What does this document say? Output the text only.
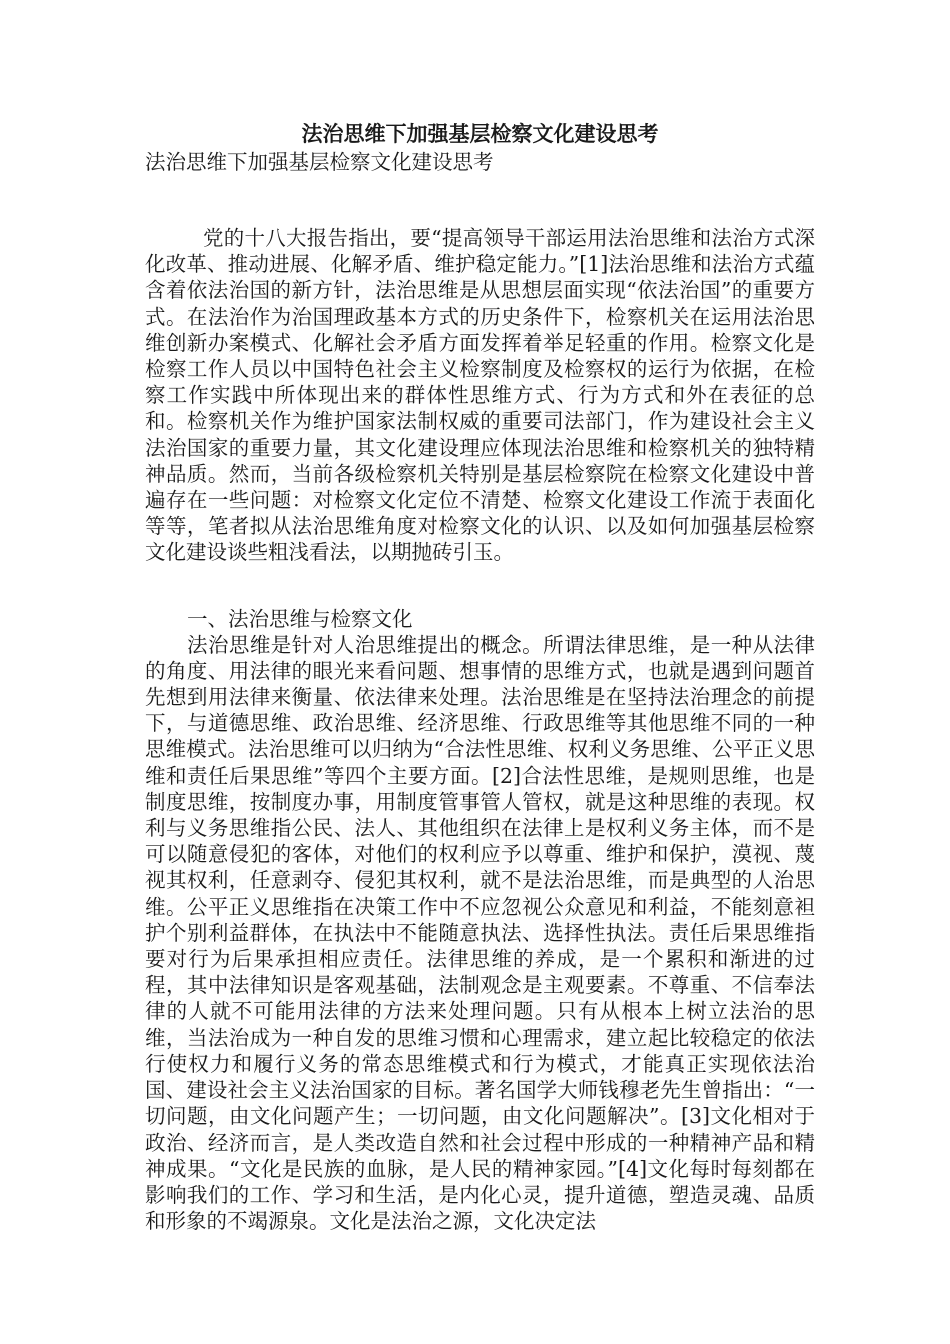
法治思维下加强基层检察文化建设思考

法治思维下加强基层检察文化建设思考

党的十八大报告指出，要“提高领导干部运用法治思维和法治方式深化改革、推动进展、化解矛盾、维护稳定能力。”[1]法治思维和法治方式蕴含着依法治国的新方针，法治思维是从思想层面实现“依法治国”的重要方式。在法治作为治国理政基本方式的历史条件下，检察机关在运用法治思维创新办案模式、化解社会矛盾方面发挥着举足轻重的作用。检察文化是检察工作人员以中国特色社会主义检察制度及检察权的运行为依据，在检察工作实践中所体现出来的群体性思维方式、行为方式和外在表征的总和。检察机关作为维护国家法制权威的重要司法部门，作为建设社会主义法治国家的重要力量，其文化建设理应体现法治思维和检察机关的独特精神品质。然而，当前各级检察机关特别是基层检察院在检察文化建设中普遍存在一些问题：对检察文化定位不清楚、检察文化建设工作流于表面化等等，笔者拟从法治思维角度对检察文化的认识、以及如何加强基层检察文化建设谈些粗浅看法，以期抛砖引玉。

一、法治思维与检察文化

法治思维是针对人治思维提出的概念。所谓法律思维，是一种从法律的角度、用法律的眼光来看问题、想事情的思维方式，也就是遇到问题首先想到用法律来衡量、依法律来处理。法治思维是在坚持法治理念的前提下，与道德思维、政治思维、经济思维、行政思维等其他思维不同的一种思维模式。法治思维可以归纳为“合法性思维、权利义务思维、公平正义思维和责任后果思维”等四个主要方面。[2]合法性思维，是规则思维，也是制度思维，按制度办事，用制度管事管人管权，就是这种思维的表现。权利与义务思维指公民、法人、其他组织在法律上是权利义务主体，而不是可以随意侵犯的客体，对他们的权利应予以尊重、维护和保护，漠视、蔑视其权利，任意剥夺、侵犯其权利，就不是法治思维，而是典型的人治思维。公平正义思维指在决策工作中不应忽视公众意见和利益，不能刻意袒护个别利益群体，在执法中不能随意执法、选择性执法。责任后果思维指要对行为后果承担相应责任。法律思维的养成，是一个累积和渐进的过程，其中法律知识是客观基础，法制观念是主观要素。不尊重、不信奉法律的人就不可能用法律的方法来处理问题。只有从根本上树立法治的思维，当法治成为一种自发的思维习惯和心理需求，建立起比较稳定的依法行使权力和履行义务的常态思维模式和行为模式，才能真正实现依法治国、建设社会主义法治国家的目标。著名国学大师钱穆老先生曾指出：“一切问题，由文化问题产生；一切问题，由文化问题解决”。[3]文化相对于政治、经济而言，是人类改造自然和社会过程中形成的一种精神产品和精神成果。“文化是民族的血脉，是人民的精神家园。”[4]文化每时每刻都在影响我们的工作、学习和生活，是内化心灵，提升道德，塑造灵魂、品质和形象的不竭源泉。文化是法治之源，文化决定法
